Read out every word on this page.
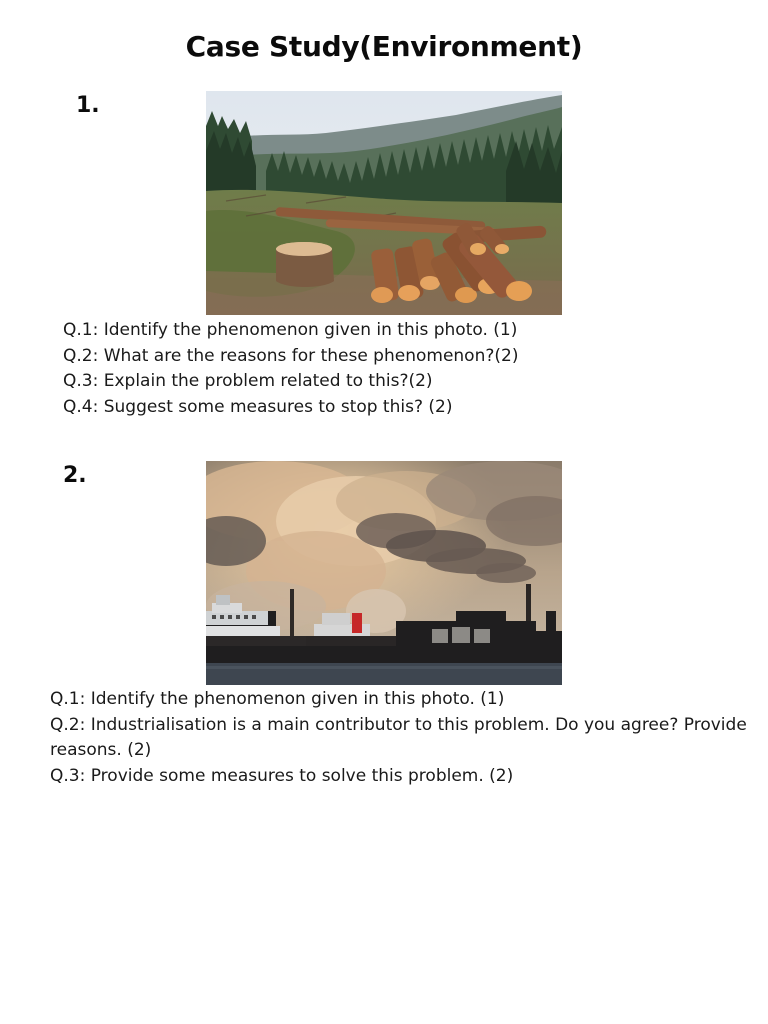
Case Study(Environment)
1.
Q.1: Identify the phenomenon given in this photo. (1)
Q.2: What are the reasons for these phenomenon?(2)
Q.3: Explain the problem related to this?(2)
Q.4: Suggest some measures to stop this? (2)
2.
Q.1: Identify the phenomenon given in this photo. (1)
Q.2: Industrialisation is a main contributor to this problem. Do you agree? Provide reasons. (2)
Q.3: Provide some measures to solve this problem. (2)
